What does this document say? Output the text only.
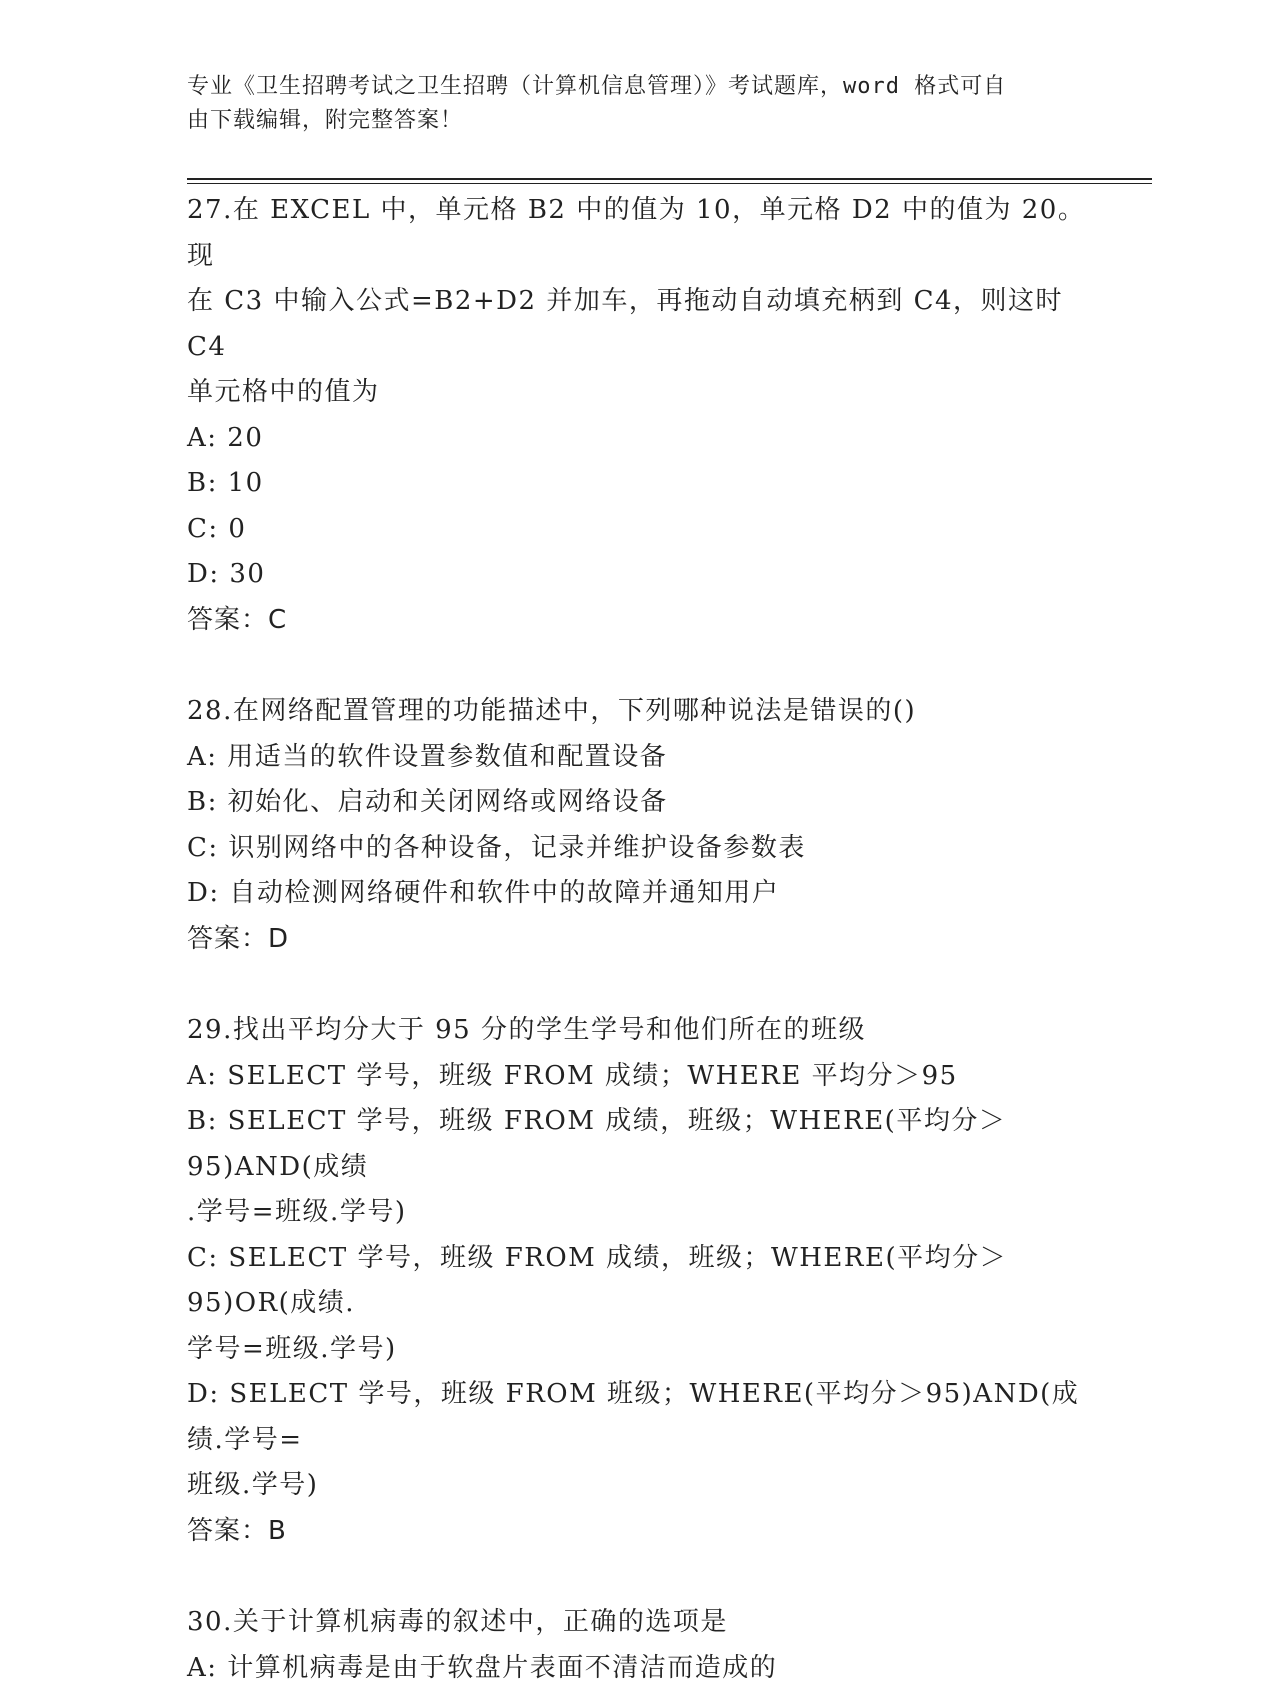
专业《卫生招聘考试之卫生招聘（计算机信息管理）》考试题库，word 格式可自
由下载编辑，附完整答案！
27.在 EXCEL 中，单元格 B2 中的值为 10，单元格 D2 中的值为 20。现
在 C3 中输入公式=B2+D2 并加车，再拖动自动填充柄到 C4，则这时 C4
单元格中的值为
A: 20
B: 10
C: 0
D: 30
答案：C
28.在网络配置管理的功能描述中，下列哪种说法是错误的()
A: 用适当的软件设置参数值和配置设备
B: 初始化、启动和关闭网络或网络设备
C: 识别网络中的各种设备，记录并维护设备参数表
D: 自动检测网络硬件和软件中的故障并通知用户
答案：D
29.找出平均分大于 95 分的学生学号和他们所在的班级
A: SELECT 学号，班级 FROM 成绩；WHERE 平均分＞95
B: SELECT 学号，班级 FROM 成绩，班级；WHERE(平均分＞95)AND(成绩
.学号=班级.学号)
C: SELECT 学号，班级 FROM 成绩，班级；WHERE(平均分＞95)OR(成绩.
学号=班级.学号)
D: SELECT 学号，班级 FROM 班级；WHERE(平均分＞95)AND(成绩.学号=
班级.学号)
答案：B
30.关于计算机病毒的叙述中，正确的选项是
A: 计算机病毒是由于软盘片表面不清洁而造成的
